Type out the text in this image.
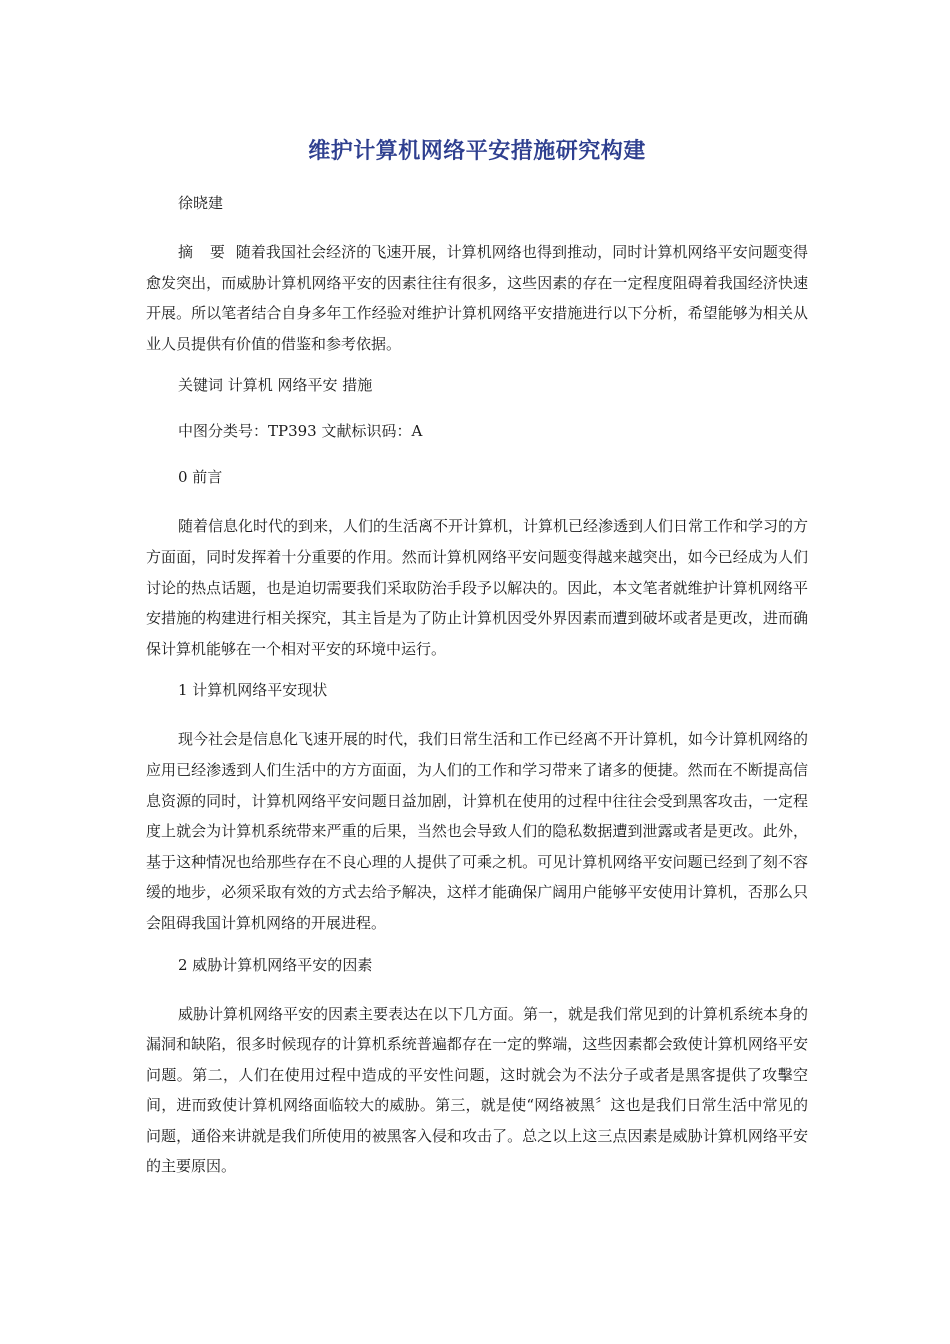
维护计算机网络平安措施研究构建
徐晓建

摘 要 随着我国社会经济的飞速开展，计算机网络也得到推动，同时计算机网络平安问题变得愈发突出，而威胁计算机网络平安的因素往往有很多，这些因素的存在一定程度阻碍着我国经济快速开展。所以笔者结合自身多年工作经验对维护计算机网络平安措施进行以下分析，希望能够为相关从业人员提供有价值的借鉴和参考依据。

关键词 计算机 网络平安 措施

中图分类号：TP393 文献标识码：A

0 前言

随着信息化时代的到来，人们的生活离不开计算机，计算机已经渗透到人们日常工作和学习的方方面面，同时发挥着十分重要的作用。然而计算机网络平安问题变得越来越突出，如今已经成为人们讨论的热点话题，也是迫切需要我们采取防治手段予以解决的。因此，本文笔者就维护计算机网络平安措施的构建进行相关探究，其主旨是为了防止计算机因受外界因素而遭到破坏或者是更改，进而确保计算机能够在一个相对平安的环境中运行。

1 计算机网络平安现状

现今社会是信息化飞速开展的时代，我们日常生活和工作已经离不开计算机，如今计算机网络的应用已经渗透到人们生活中的方方面面，为人们的工作和学习带来了诸多的便捷。然而在不断提高信息资源的同时，计算机网络平安问题日益加剧，计算机在使用的过程中往往会受到黑客攻击，一定程度上就会为计算机系统带来严重的后果，当然也会导致人们的隐私数据遭到泄露或者是更改。此外，基于这种情况也给那些存在不良心理的人提供了可乘之机。可见计算机网络平安问题已经到了刻不容缓的地步，必须采取有效的方式去给予解决，这样才能确保广阔用户能够平安使用计算机，否那么只会阻碍我国计算机网络的开展进程。

2 威胁计算机网络平安的因素

威胁计算机网络平安的因素主要表达在以下几方面。第一，就是我们常见到的计算机系统本身的漏洞和缺陷，很多时候现存的计算机系统普遍都存在一定的弊端，这些因素都会致使计算机网络平安问题。第二，人们在使用过程中造成的平安性问题，这时就会为不法分子或者是黑客提供了攻擊空间，进而致使计算机网络面临较大的威胁。第三，就是使“网络被黑〞这也是我们日常生活中常见的问题，通俗来讲就是我们所使用的被黑客入侵和攻击了。总之以上这三点因素是威胁计算机网络平安的主要原因。
